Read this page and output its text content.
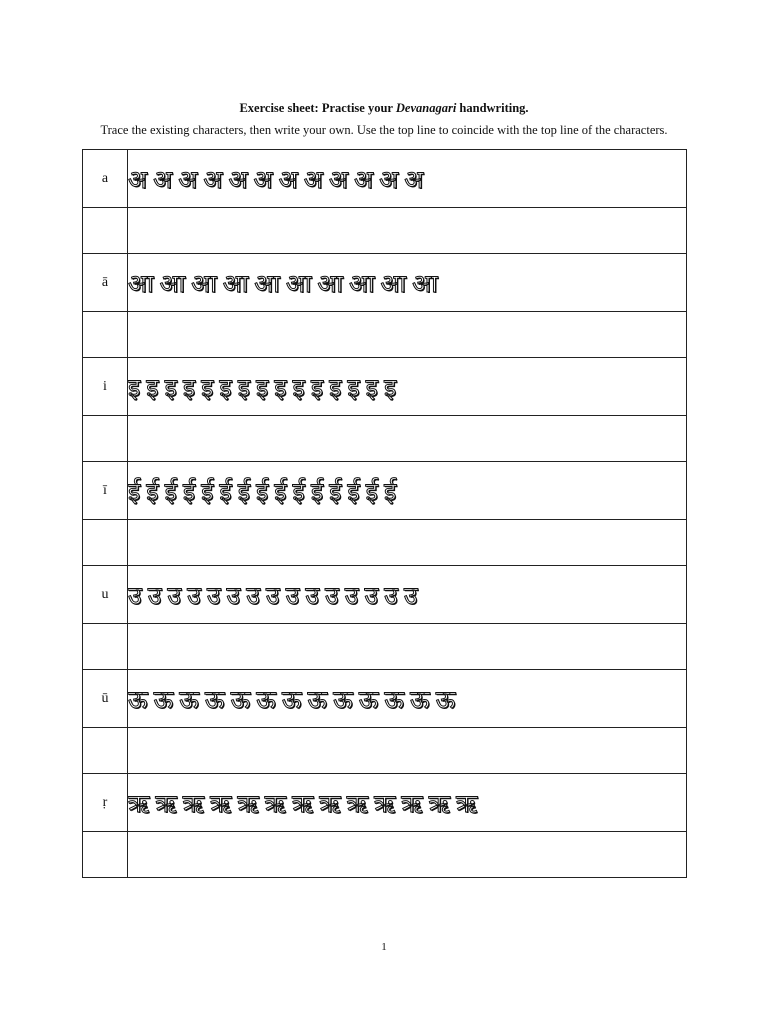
Exercise sheet: Practise your Devanagari handwriting.
Trace the existing characters, then write your own. Use the top line to coincide with the top line of the characters.
a	अ अ अ अ अ अ अ अ अ अ अ अ

ā	आ आ आ आ आ आ आ आ आ आ

i	इ इ इ इ इ इ इ इ इ इ इ इ इ इ इ

ī	ई ई ई ई ई ई ई ई ई ई ई ई ई ई ई

u	उ उ उ उ उ उ उ उ उ उ उ उ उ उ उ

ū	ऊ ऊ ऊ ऊ ऊ ऊ ऊ ऊ ऊ ऊ ऊ ऊ ऊ

ṛ	ऋ ऋ ऋ ऋ ऋ ऋ ऋ ऋ ऋ ऋ ऋ ऋ ऋ

1
